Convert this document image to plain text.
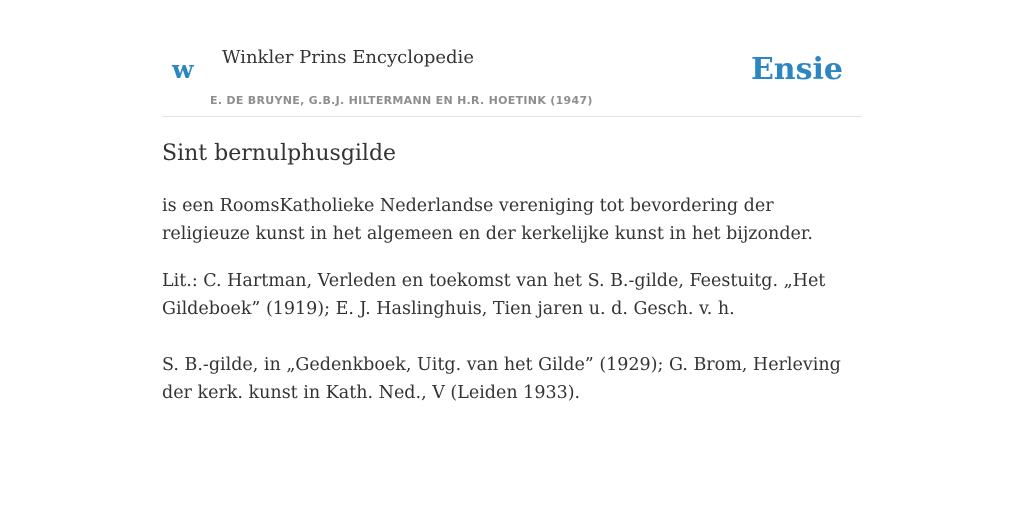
w Winkler Prins Encyclopedie
E. DE BRUYNE, G.B.J. HILTERMANN EN H.R. HOETINK (1947)
Ensie
Sint bernulphusgilde

is een RoomsKatholieke Nederlandse vereniging tot bevordering der religieuze kunst in het algemeen en der kerkelijke kunst in het bijzonder.

Lit.: C. Hartman, Verleden en toekomst van het S. B.-gilde, Feestuitg. „Het Gildeboek” (1919); E. J. Haslinghuis, Tien jaren u. d. Gesch. v. h.

S. B.-gilde, in „Gedenkboek, Uitg. van het Gilde” (1929); G. Brom, Herleving der kerk. kunst in Kath. Ned., V (Leiden 1933).
